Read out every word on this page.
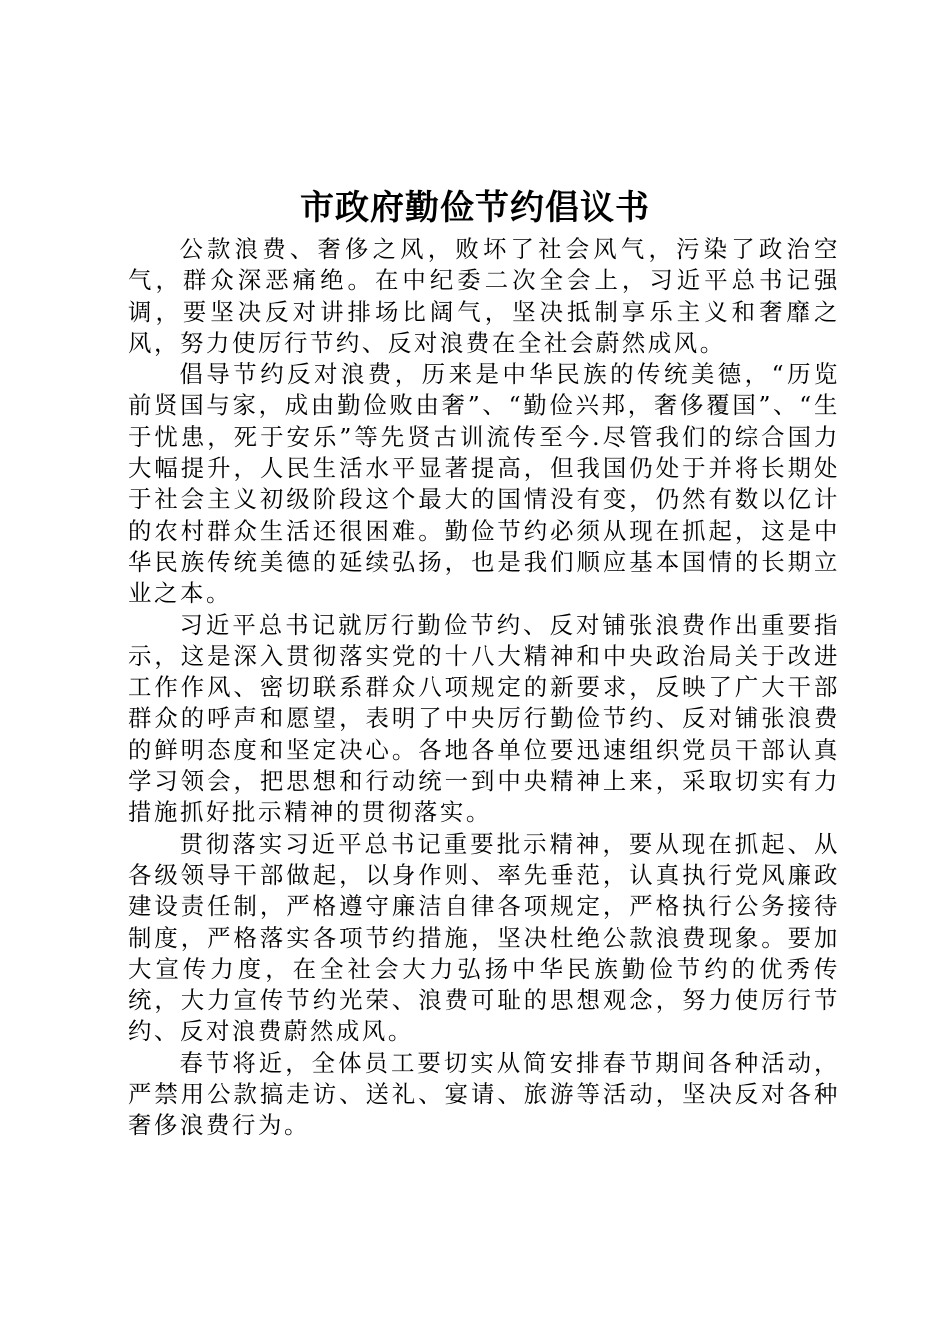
市政府勤俭节约倡议书

公款浪费、奢侈之风，败坏了社会风气，污染了政治空气，群众深恶痛绝。在中纪委二次全会上，习近平总书记强调，要坚决反对讲排场比阔气，坚决抵制享乐主义和奢靡之风，努力使厉行节约、反对浪费在全社会蔚然成风。

倡导节约反对浪费，历来是中华民族的传统美德，“历览前贤国与家，成由勤俭败由奢”、“勤俭兴邦，奢侈覆国”、“生于忧患，死于安乐”等先贤古训流传至今.尽管我们的综合国力大幅提升，人民生活水平显著提高，但我国仍处于并将长期处于社会主义初级阶段这个最大的国情没有变，仍然有数以亿计的农村群众生活还很困难。勤俭节约必须从现在抓起，这是中华民族传统美德的延续弘扬，也是我们顺应基本国情的长期立业之本。

习近平总书记就厉行勤俭节约、反对铺张浪费作出重要指示，这是深入贯彻落实党的十八大精神和中央政治局关于改进工作作风、密切联系群众八项规定的新要求，反映了广大干部群众的呼声和愿望，表明了中央厉行勤俭节约、反对铺张浪费的鲜明态度和坚定决心。各地各单位要迅速组织党员干部认真学习领会，把思想和行动统一到中央精神上来，采取切实有力措施抓好批示精神的贯彻落实。

贯彻落实习近平总书记重要批示精神，要从现在抓起、从各级领导干部做起，以身作则、率先垂范，认真执行党风廉政建设责任制，严格遵守廉洁自律各项规定，严格执行公务接待制度，严格落实各项节约措施，坚决杜绝公款浪费现象。要加大宣传力度，在全社会大力弘扬中华民族勤俭节约的优秀传统，大力宣传节约光荣、浪费可耻的思想观念，努力使厉行节约、反对浪费蔚然成风。

春节将近，全体员工要切实从简安排春节期间各种活动，严禁用公款搞走访、送礼、宴请、旅游等活动，坚决反对各种奢侈浪费行为。
